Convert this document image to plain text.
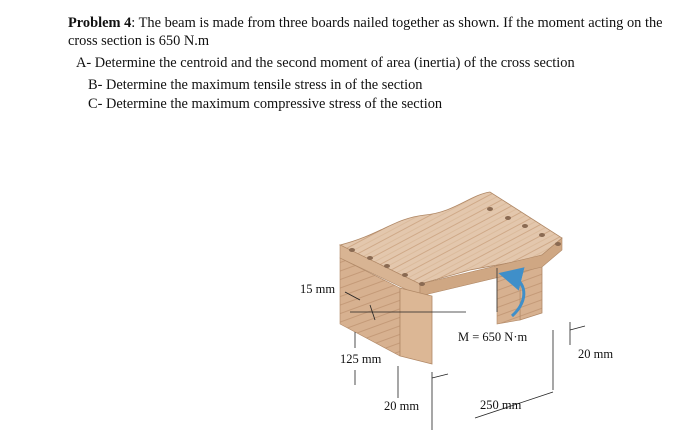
Problem 4: The beam is made from three boards nailed together as shown. If the moment acting on the cross section is 650 N.m

A- Determine the centroid and the second moment of area (inertia) of the cross section

B- Determine the maximum tensile stress in of the section

C- Determine the maximum compressive stress of the section

15 mm
125 mm
20 mm
M = 650 N·m
20 mm
250 mm
